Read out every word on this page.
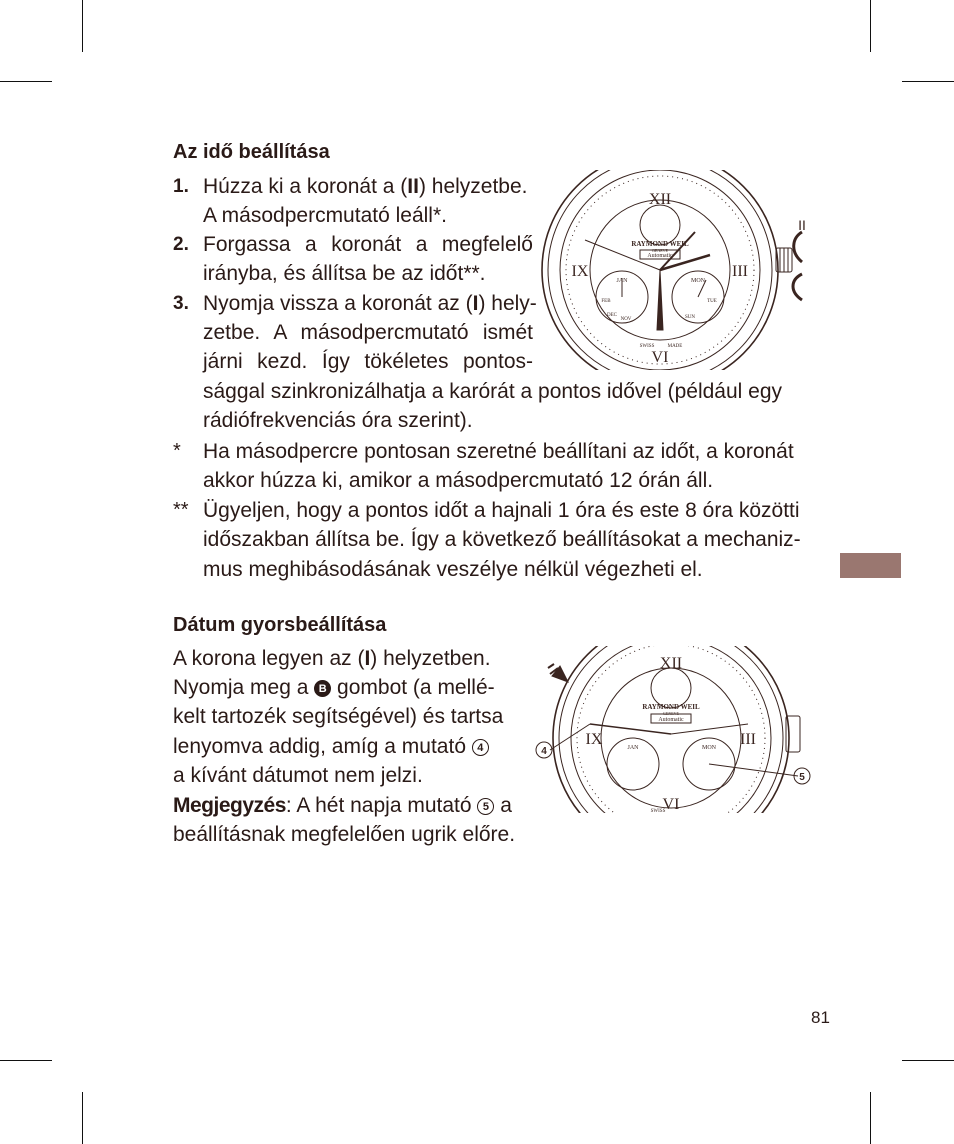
Az idő beállítása
1. Húzza ki a koronát a (II) helyzetbe.

A másodpercmutató leáll*.

2. Forgassa a koronát a megfelelő

irányba, és állítsa be az időt**.

3. Nyomja vissza a koronát az (I) hely-

zetbe. A másodpercmutató ismét

járni kezd. Így tökéletes pontos-

sággal szinkronizálhatja a karórát a pontos idővel (például egy

rádiófrekvenciás óra szerint).

* Ha másodpercre pontosan szeretné beállítani az időt, a koronát

akkor húzza ki, amikor a másodpercmutató 12 órán áll.

** Ügyeljen, hogy a pontos időt a hajnali 1 óra és este 8 óra közötti

időszakban állítsa be. Így a következő beállításokat a mechaniz-

mus meghibásodásának veszélye nélkül végezheti el.

Dátum gyorsbeállítása

A korona legyen az (I) helyzetben.

Nyomja meg a B gombot (a mellé-

kelt tartozék segítségével) és tartsa

lenyomva addig, amíg a mutató 4

a kívánt dátumot nem jelzi.

Megjegyzés: A hét napja mutató 5 a

beállításnak megfelelően ugrik előre.

XII
III
IX
VI
RAYMOND WEIL
GENEVE
Automatic
JAN	MON
FEB
DEC
NOV
TUE
SUN
SWISS	MADE
II
XII
III
IX
VI
RAYMOND WEIL
GENEVE
Automatic
JAN	MON
SWISS
4
5
81
